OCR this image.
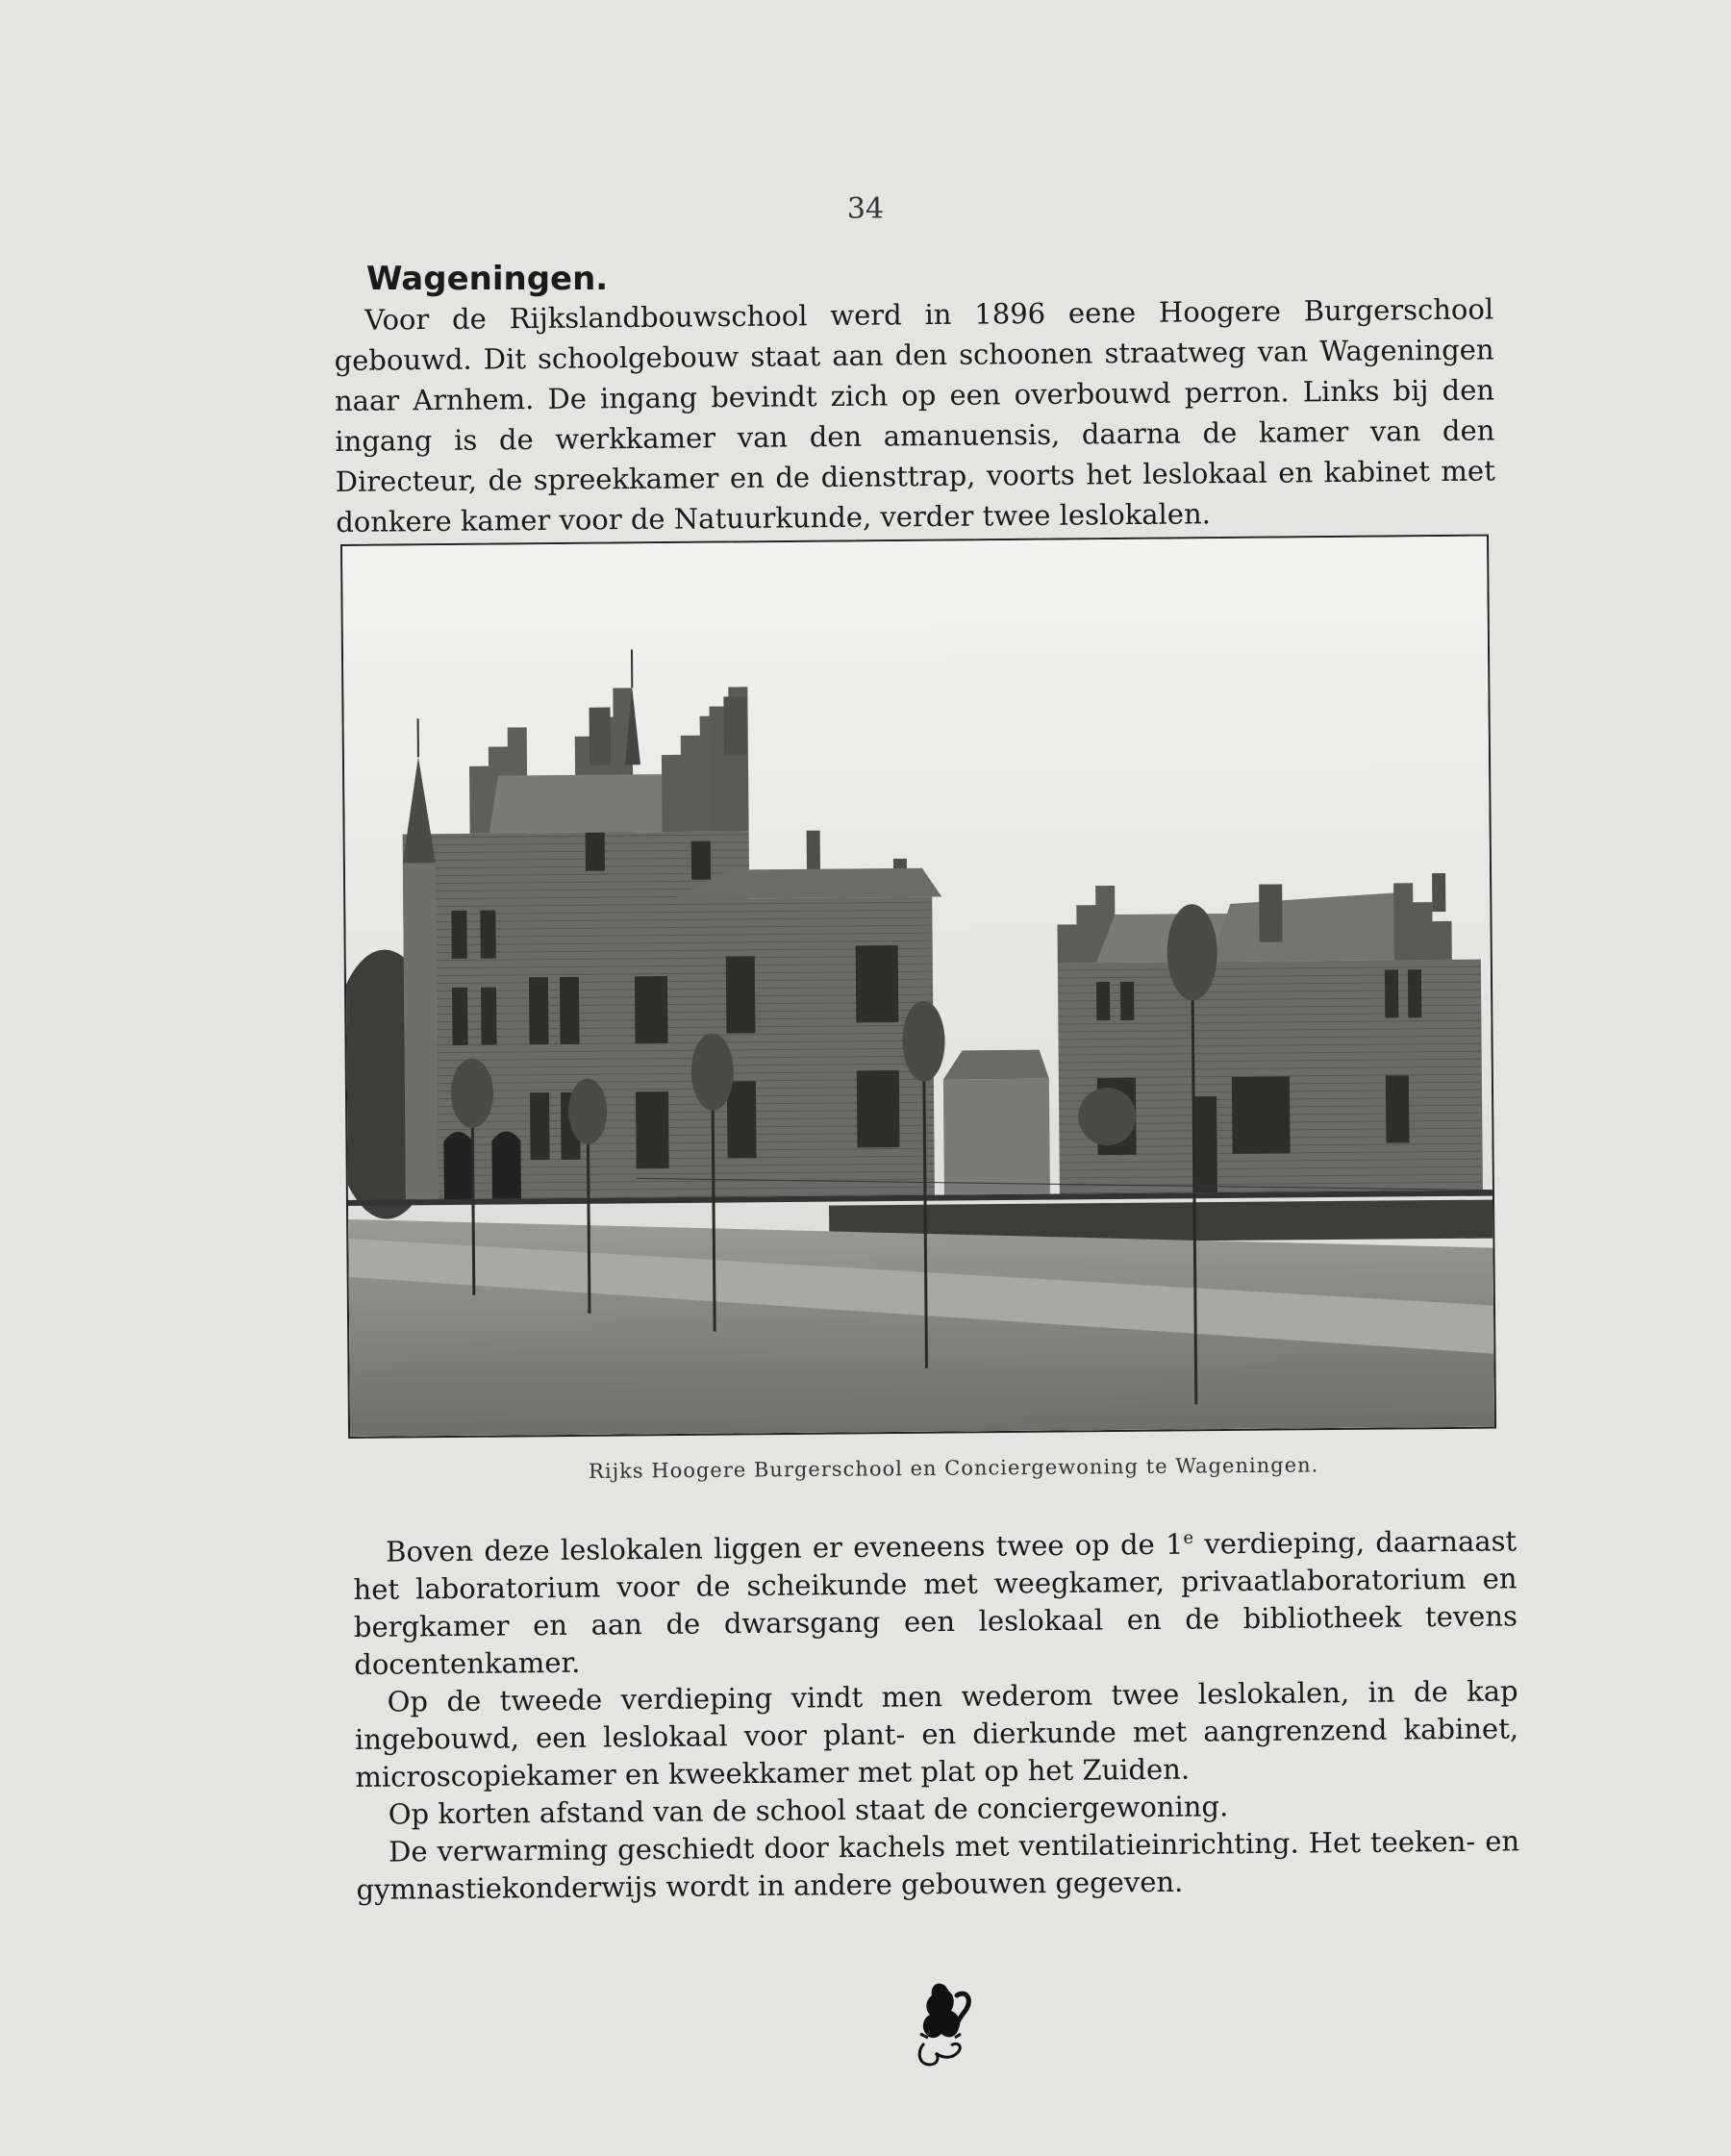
34
Wageningen.

Voor de Rijkslandbouwschool werd in 1896 eene Hoogere Burgerschool gebouwd. Dit schoolgebouw staat aan den schoonen straatweg van Wageningen naar Arnhem. De ingang bevindt zich op een overbouwd perron. Links bij den ingang is de werkkamer van den amanuensis, daarna de kamer van den Directeur, de spreekkamer en de diensttrap, voorts het leslokaal en kabinet met donkere kamer voor de Natuurkunde, verder twee leslokalen.

Rijks Hoogere Burgerschool en Conciergewoning te Wageningen.

Boven deze leslokalen liggen er eveneens twee op de 1e verdieping, daarnaast het laboratorium voor de scheikunde met weegkamer, privaatlaboratorium en bergkamer en aan de dwarsgang een leslokaal en de bibliotheek tevens docentenkamer.

Op de tweede verdieping vindt men wederom twee leslokalen, in de kap ingebouwd, een leslokaal voor plant- en dierkunde met aangrenzend kabinet, microscopiekamer en kweekkamer met plat op het Zuiden.

Op korten afstand van de school staat de conciergewoning.

De verwarming geschiedt door kachels met ventilatieinrichting. Het teeken- en gymnastiekonderwijs wordt in andere gebouwen gegeven.
